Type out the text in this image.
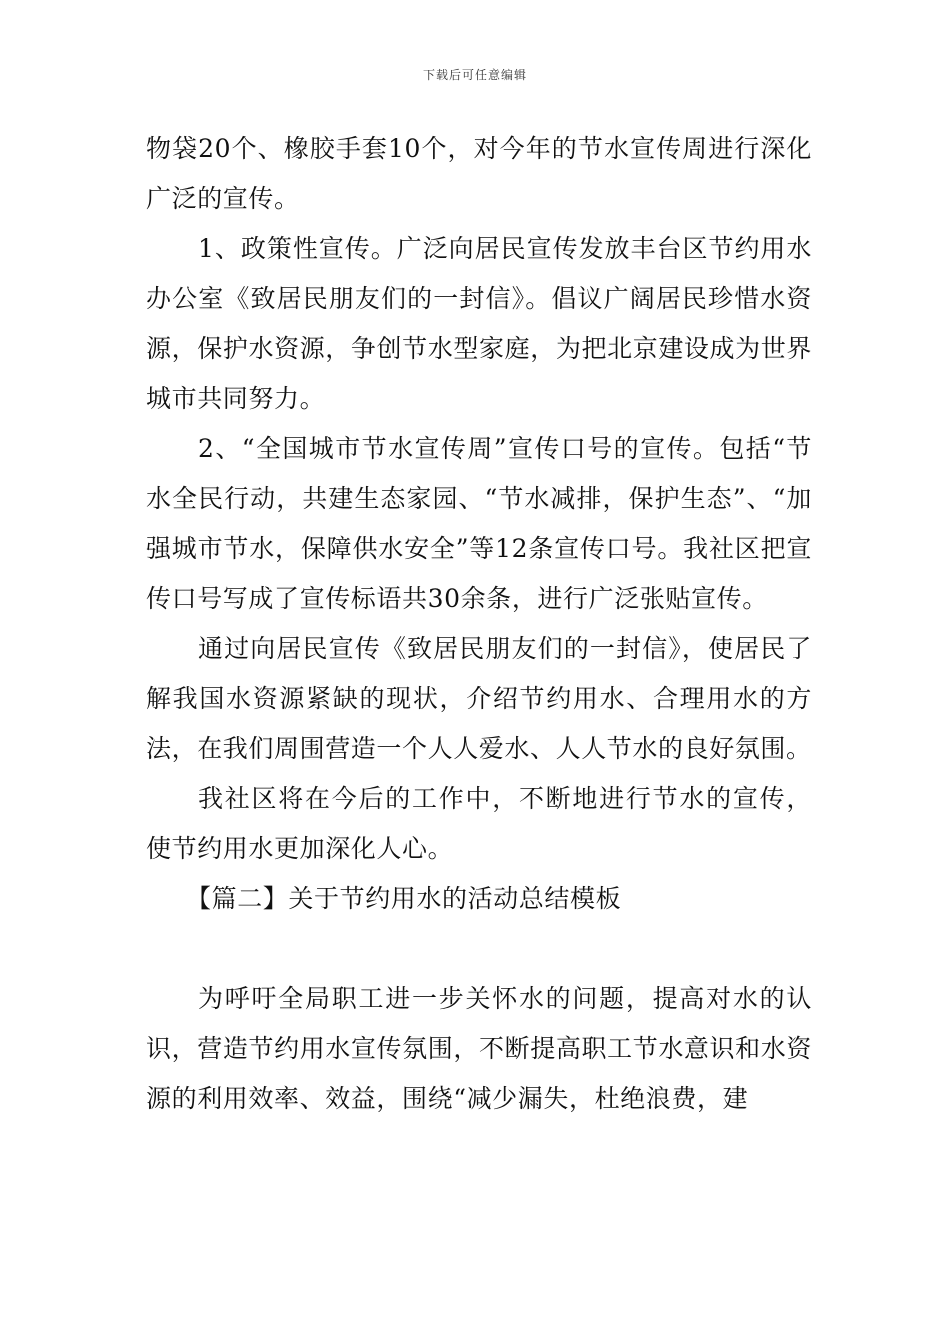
下载后可任意编辑

物袋20个、橡胶手套10个，对今年的节水宣传周进行深化广泛的宣传。

1、政策性宣传。广泛向居民宣传发放丰台区节约用水办公室《致居民朋友们的一封信》。倡议广阔居民珍惜水资源，保护水资源，争创节水型家庭，为把北京建设成为世界城市共同努力。

2、“全国城市节水宣传周”宣传口号的宣传。包括“节水全民行动，共建生态家园、“节水减排，保护生态”、“加强城市节水，保障供水安全”等12条宣传口号。我社区把宣传口号写成了宣传标语共30余条，进行广泛张贴宣传。

通过向居民宣传《致居民朋友们的一封信》，使居民了解我国水资源紧缺的现状，介绍节约用水、合理用水的方法，在我们周围营造一个人人爱水、人人节水的良好氛围。

我社区将在今后的工作中，不断地进行节水的宣传，使节约用水更加深化人心。

【篇二】关于节约用水的活动总结模板

为呼吁全局职工进一步关怀水的问题，提高对水的认识，营造节约用水宣传氛围，不断提高职工节水意识和水资源的利用效率、效益，围绕“减少漏失，杜绝浪费，建
